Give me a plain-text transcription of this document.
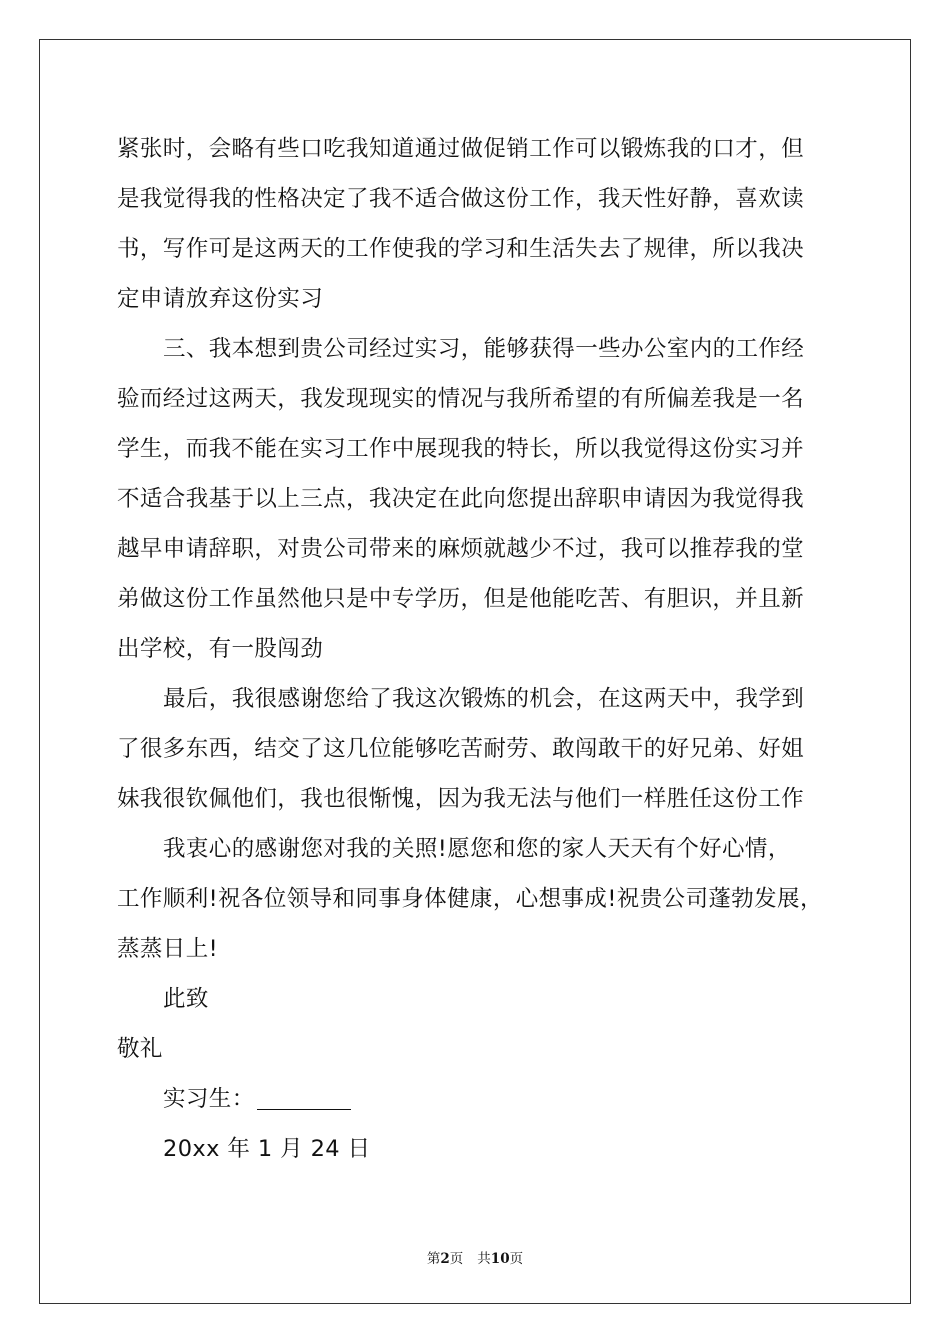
紧张时，会略有些口吃我知道通过做促销工作可以锻炼我的口才，但
是我觉得我的性格决定了我不适合做这份工作，我天性好静，喜欢读
书，写作可是这两天的工作使我的学习和生活失去了规律，所以我决
定申请放弃这份实习
三、我本想到贵公司经过实习，能够获得一些办公室内的工作经
验而经过这两天，我发现现实的情况与我所希望的有所偏差我是一名
学生，而我不能在实习工作中展现我的特长，所以我觉得这份实习并
不适合我基于以上三点，我决定在此向您提出辞职申请因为我觉得我
越早申请辞职，对贵公司带来的麻烦就越少不过，我可以推荐我的堂
弟做这份工作虽然他只是中专学历，但是他能吃苦、有胆识，并且新
出学校，有一股闯劲
最后，我很感谢您给了我这次锻炼的机会，在这两天中，我学到
了很多东西，结交了这几位能够吃苦耐劳、敢闯敢干的好兄弟、好姐
妹我很钦佩他们，我也很惭愧，因为我无法与他们一样胜任这份工作
我衷心的感谢您对我的关照!愿您和您的家人天天有个好心情，
工作顺利!祝各位领导和同事身体健康，心想事成!祝贵公司蓬勃发展，
蒸蒸日上!
此致
敬礼
实习生：
20xx 年 1 月 24 日
第2页 共10页
